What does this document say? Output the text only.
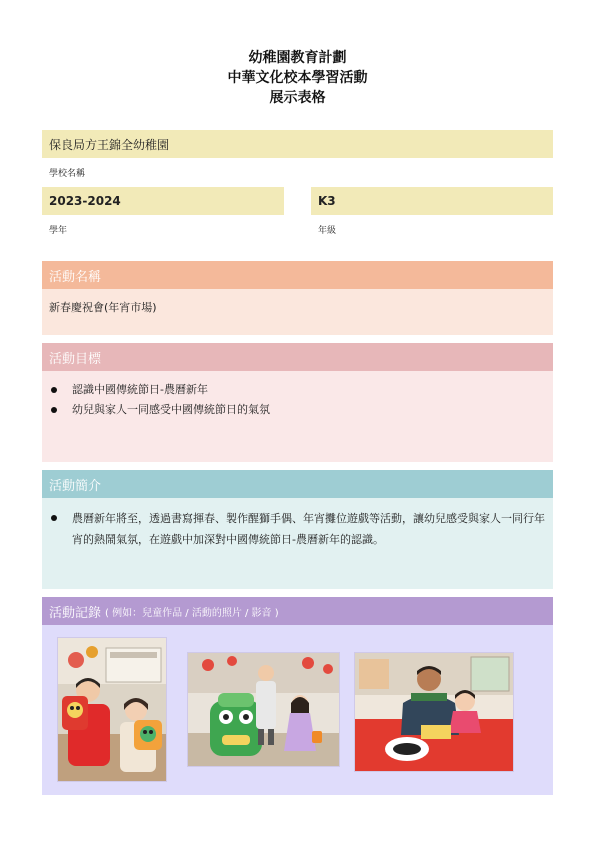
幼稚園教育計劃
中華文化校本學習活動
展示表格
保良局方王錦全幼稚園
學校名稱
2023-2024
學年
K3
年級
活動名稱
新春慶祝會(年宵市場)
活動目標
認識中國傳統節日-農曆新年
幼兒與家人一同感受中國傳統節日的氣氛
活動簡介
農曆新年將至，透過書寫揮春、製作醒獅手偶、年宵攤位遊戲等活動，讓幼兒感受與家人一同行年宵的熱鬧氣氛，在遊戲中加深對中國傳統節日-農曆新年的認識。
活動記錄 ( 例如：兒童作品 / 活動的照片 / 影音 )
